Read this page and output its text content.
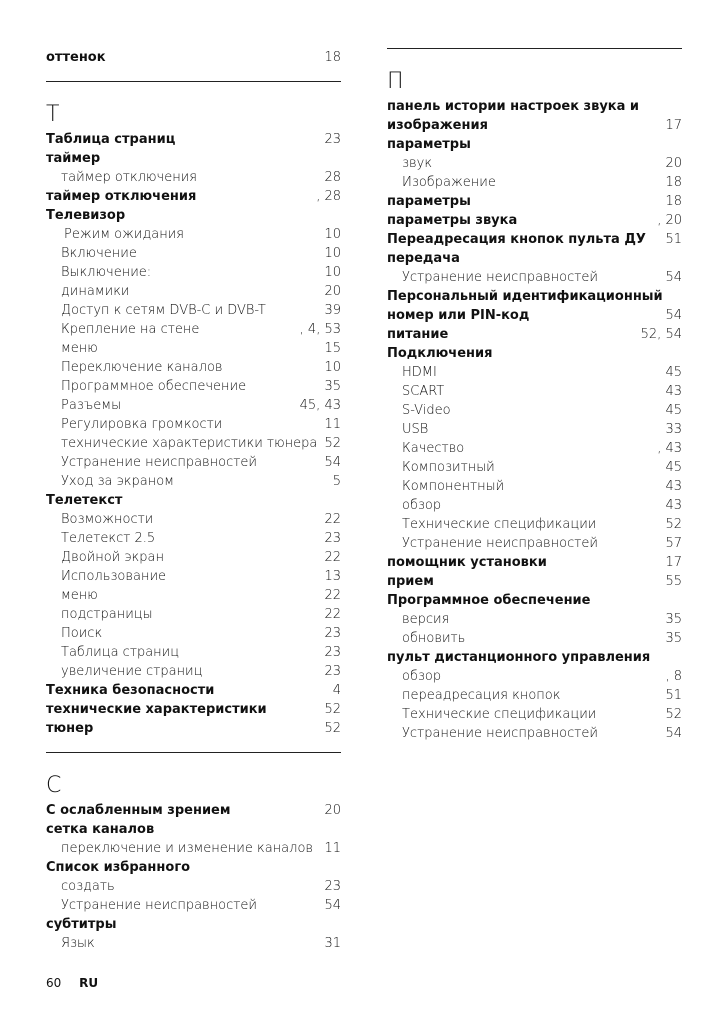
оттенок	18
Т
Таблица страниц	23
таймер
таймер отключения	28
таймер отключения	, 28
Телевизор
Режим ожидания	10
Включение	10
Выключение:	10
динамики	20
Доступ к сетям DVB-C и DVB-T	39
Крепление на стене	, 4, 53
меню	15
Переключение каналов	10
Программное обеспечение	35
Разъемы	45, 43
Регулировка громкости	11
технические характеристики тюнера 52
Устранение неисправностей	54
Уход за экраном	5
Телетекст
Возможности	22
Телетекст 2.5	23
Двойной экран	22
Использование	13
меню	22
подстраницы	22
Поиск	23
Таблица страниц	23
увеличение страниц	23
Техника безопасности	4
технические характеристики	52
тюнер	52
С
С ослабленным зрением	20
сетка каналов
переключение и изменение каналов 11
Список избранного
создать	23
Устранение неисправностей	54
субтитры
Язык	31
П
панель истории настроек звука и
изображения	17
параметры
звук	20
Изображение	18
параметры	18
параметры звука	, 20
Переадресация кнопок пульта ДУ 51
передача
Устранение неисправностей	54
Персональный идентификационный
номер или PIN-код	54
питание	52, 54
Подключения
HDMI	45
SCART	43
S-Video	45
USB	33
Качество	, 43
Композитный	45
Компонентный	43
обзор	43
Технические спецификации	52
Устранение неисправностей	57
помощник установки	17
прием	55
Программное обеспечение
версия	35
обновить	35
пульт дистанционного управления
обзор	, 8
переадресация кнопок	51
Технические спецификации	52
Устранение неисправностей	54
60 RU
